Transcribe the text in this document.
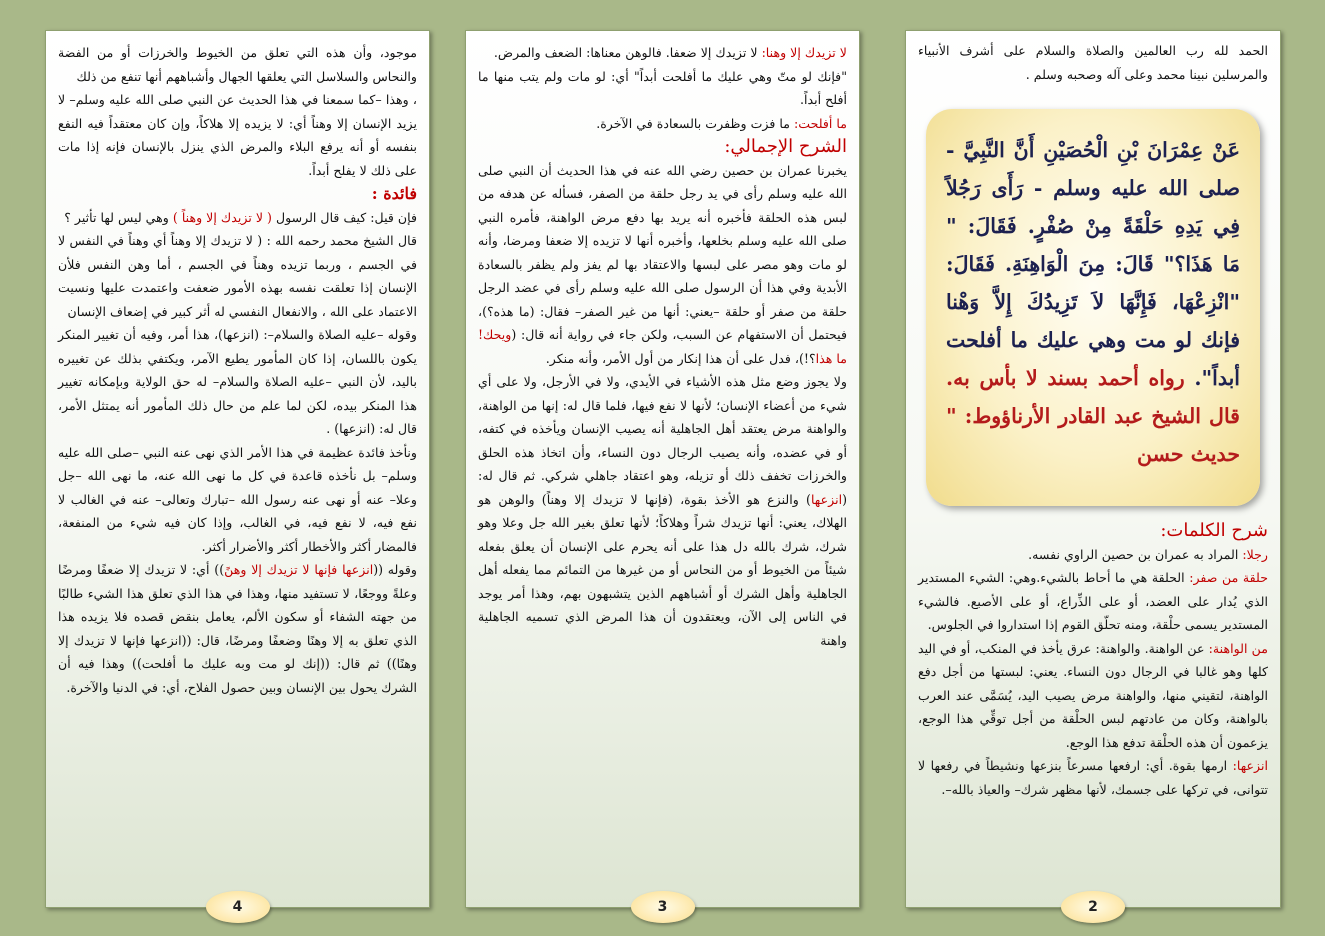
موجود، وأن هذه التي تعلق من الخيوط والخرزات أو من الفضة والنحاس والسلاسل التي يعلقها الجهال وأشباههم أنها تنفع من ذلك

، وهذا –كما سمعنا في هذا الحديث عن النبي صلى الله عليه وسلم– لا يزيد الإنسان إلا وهناً أي: لا يزيده إلا هلاكاً، وإن كان معتقداً فيه النفع بنفسه أو أنه يرفع البلاء والمرض الذي ينزل بالإنسان فإنه إذا مات على ذلك لا يفلح أبداً.

فائدة :

فإن قيل: كيف قال الرسول ( لا تزيدك إلا وهناً ) وهي ليس لها تأثير ؟

قال الشيخ محمد رحمه الله : ( لا تزيدك إلا وهناً أي وهناً في النفس لا في الجسم ، وربما تزيده وهناً في الجسم ، أما وهن النفس فلأن الإنسان إذا تعلقت نفسه بهذه الأمور ضعفت واعتمدت عليها ونسيت الاعتماد على الله ، والانفعال النفسي له أثر كبير في إضعاف الإنسان

وقوله –عليه الصلاة والسلام–: (انزعها)، هذا أمر، وفيه أن تغيير المنكر يكون باللسان، إذا كان المأمور يطيع الآمر، ويكتفي بذلك عن تغييره باليد، لأن النبي –عليه الصلاة والسلام– له حق الولاية وبإمكانه تغيير هذا المنكر بيده، لكن لما علم من حال ذلك المأمور أنه يمتثل الأمر، قال له: (انزعها) .

ونأخذ فائدة عظيمة في هذا الأمر الذي نهى عنه النبي –صلى الله عليه وسلم– بل نأخذه قاعدة في كل ما نهى الله عنه، ما نهى الله –جل وعلا– عنه أو نهى عنه رسول الله –تبارك وتعالى– عنه في الغالب لا نفع فيه، لا نفع فيه، في الغالب، وإذا كان فيه شيء من المنفعة، فالمضار أكثر والأخطار أكثر والأضرار أكثر.

وقوله ((انزعها فإنها لا تزيدك إلا وهنً)) أي: لا تزيدك إلا ضعفًا ومرضًا وعلةً ووجعًا، لا تستفيد منها، وهذا في هذا الذي تعلق هذا الشيء طالبًا من جهته الشفاء أو سكون الألم، يعامل بنقض قصده فلا يزيده هذا الذي تعلق به إلا وهنًا وضعفًا ومرضًا، قال: ((انزعها فإنها لا تزيدك إلا وهنًا)) ثم قال: ((إنك لو مت وبه عليك ما أفلحت)) وهذا فيه أن الشرك يحول بين الإنسان وبين حصول الفلاح، أي: في الدنيا والآخرة.

4

لا تزيدك إلا وهنا: لا تزيدك إلا ضعفا. فالوهن معناها: الضعف والمرض.

"فإنك لو متّ وهي عليك ما أفلحت أبداً" أي: لو مات ولم يتب منها ما أفلح أبداً.

ما أفلحت: ما فزت وظفرت بالسعادة في الآخرة.

الشرح الإجمالي:

يخبرنا عمران بن حصين رضي الله عنه في هذا الحديث أن النبي صلى الله عليه وسلم رأى في يد رجل حلقة من الصفر، فسأله عن هدفه من لبس هذه الحلقة فأخبره أنه يريد بها دفع مرض الواهنة، فأمره النبي صلى الله عليه وسلم بخلعها، وأخبره أنها لا تزيده إلا ضعفا ومرضا، وأنه لو مات وهو مصر على لبسها والاعتقاد بها لم يفز ولم يظفر بالسعادة الأبدية وفي هذا أن الرسول صلى الله عليه وسلم رأى في عضد الرجل حلقة من صفر أو حلقة –يعني: أنها من غير الصفر– فقال: (ما هذه؟)، فيحتمل أن الاستفهام عن السبب، ولكن جاء في رواية أنه قال: (ويحك! ما هذا؟!)، فدل على أن هذا إنكار من أول الأمر، وأنه منكر.

ولا يجوز وضع مثل هذه الأشياء في الأيدي، ولا في الأرجل، ولا على أي شيء من أعضاء الإنسان؛ لأنها لا نفع فيها، فلما قال له: إنها من الواهنة، والواهنة مرض يعتقد أهل الجاهلية أنه يصيب الإنسان ويأخذه في كتفه، أو في عضده، وأنه يصيب الرجال دون النساء، وأن اتخاذ هذه الحلق والخرزات تخفف ذلك أو تزيله، وهو اعتقاد جاهلي شركي. ثم قال له: (انزعها) والنزع هو الأخذ بقوة، (فإنها لا تزيدك إلا وهناً) والوهن هو الهلاك، يعني: أنها تزيدك شراً وهلاكاً؛ لأنها تعلق بغير الله جل وعلا وهو شرك، شرك بالله دل هذا على أنه يحرم على الإنسان أن يعلق بفعله شيئاً من الخيوط أو من النحاس أو من غيرها من التمائم مما يفعله أهل الجاهلية وأهل الشرك أو أشباههم الذين يتشبهون بهم، وهذا أمر يوجد في الناس إلى الآن، ويعتقدون أن هذا المرض الذي تسميه الجاهلية واهنة

3

الحمد لله رب العالمين والصلاة والسلام على أشرف الأنبياء والمرسلين نبينا محمد وعلى آله وصحبه وسلم .

عَنْ عِمْرَانَ بْنِ الْحُصَيْنِ أَنَّ النَّبِيَّ - صلى الله عليه وسلم - رَأَى رَجُلاً فِي يَدِهِ حَلْقَةً مِنْ صُفْرٍ. فَقَالَ: " مَا هَذَا؟" قَالَ: مِنَ الْوَاهِنَةِ. فَقَالَ: "انْزِعْهَا، فَإِنَّهَا لاَ تَزِيدُكَ إِلاَّ وَهْنا فإنك لو مت وهي عليك ما أفلحت أبداً". رواه أحمد بسند لا بأس به. قال الشيخ عبد القادر الأرناؤوط: " حديث حسن

شرح الكلمات:

رجلا: المراد به عمران بن حصين الراوي نفسه.

حلقة من صفر: الحلقة هي ما أحاط بالشيء.وهي: الشيء المستدير الذي يُدار على العضد، أو على الذِّراع، أو على الأصبع. فالشيء المستدير يسمى حلْقة، ومنه تحلّق القوم إذا استداروا في الجلوس.

من الواهنة: عن الواهنة. والواهنة: عرق يأخذ في المنكب، أو في اليد كلها وهو غالبا في الرجال دون النساء. يعني: لبستها من أجل دفع الواهنة، لتقيني منها، والواهنة مرض يصيب اليد، يُسَمَّى عند العرب بالواهنة، وكان من عادتهم لبس الحلْقة من أجل توقِّي هذا الوجع، يزعمون أن هذه الحلْقة تدفع هذا الوجع.

انزعها: ارمها بقوة. أي: ارفعها مسرعاً بنزعها ونشيطاً في رفعها لا تتوانى، في تركها على جسمك، لأنها مظهر شرك– والعياذ بالله–.

2
